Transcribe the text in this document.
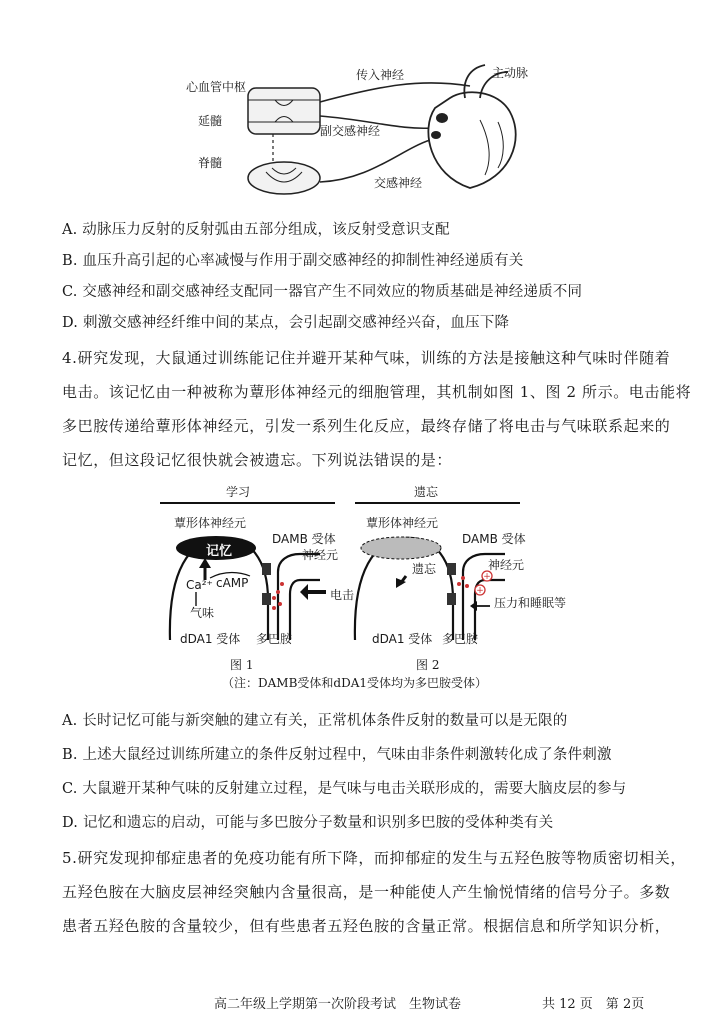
心血管中枢
延髓
脊髓
传入神经	主动脉
副交感神经
交感神经
A. 动脉压力反射的反射弧由五部分组成，该反射受意识支配
B. 血压升高引起的心率减慢与作用于副交感神经的抑制性神经递质有关
C. 交感神经和副交感神经支配同一器官产生不同效应的物质基础是神经递质不同
D. 刺激交感神经纤维中间的某点，会引起副交感神经兴奋，血压下降
4.研究发现，大鼠通过训练能记住并避开某种气味，训练的方法是接触这种气味时伴随着
电击。该记忆由一种被称为蕈形体神经元的细胞管理，其机制如图 1、图 2 所示。电击能将
多巴胺传递给蕈形体神经元，引发一系列生化反应，最终存储了将电击与气味联系起来的
记忆，但这段记忆很快就会被遗忘。下列说法错误的是：
+
+
学习	遗忘
蕈形体神经元	蕈形体神经元
记忆
DAMB 受体	DAMB 受体
神经元
神经元
Ca²⁺ cAMP
气味
电击
dDA1 受体 多巴胺	dDA1 受体 多巴胺
遗忘
压力和睡眠等
图 1	图 2
（注：DAMB受体和dDA1受体均为多巴胺受体）
A. 长时记忆可能与新突触的建立有关，正常机体条件反射的数量可以是无限的
B. 上述大鼠经过训练所建立的条件反射过程中，气味由非条件刺激转化成了条件刺激
C. 大鼠避开某种气味的反射建立过程，是气味与电击关联形成的，需要大脑皮层的参与
D. 记忆和遗忘的启动，可能与多巴胺分子数量和识别多巴胺的受体种类有关
5.研究发现抑郁症患者的免疫功能有所下降，而抑郁症的发生与五羟色胺等物质密切相关，
五羟色胺在大脑皮层神经突触内含量很高，是一种能使人产生愉悦情绪的信号分子。多数
患者五羟色胺的含量较少，但有些患者五羟色胺的含量正常。根据信息和所学知识分析，
高二年级上学期第一次阶段考试　生物试卷	共 12 页　第 2页
